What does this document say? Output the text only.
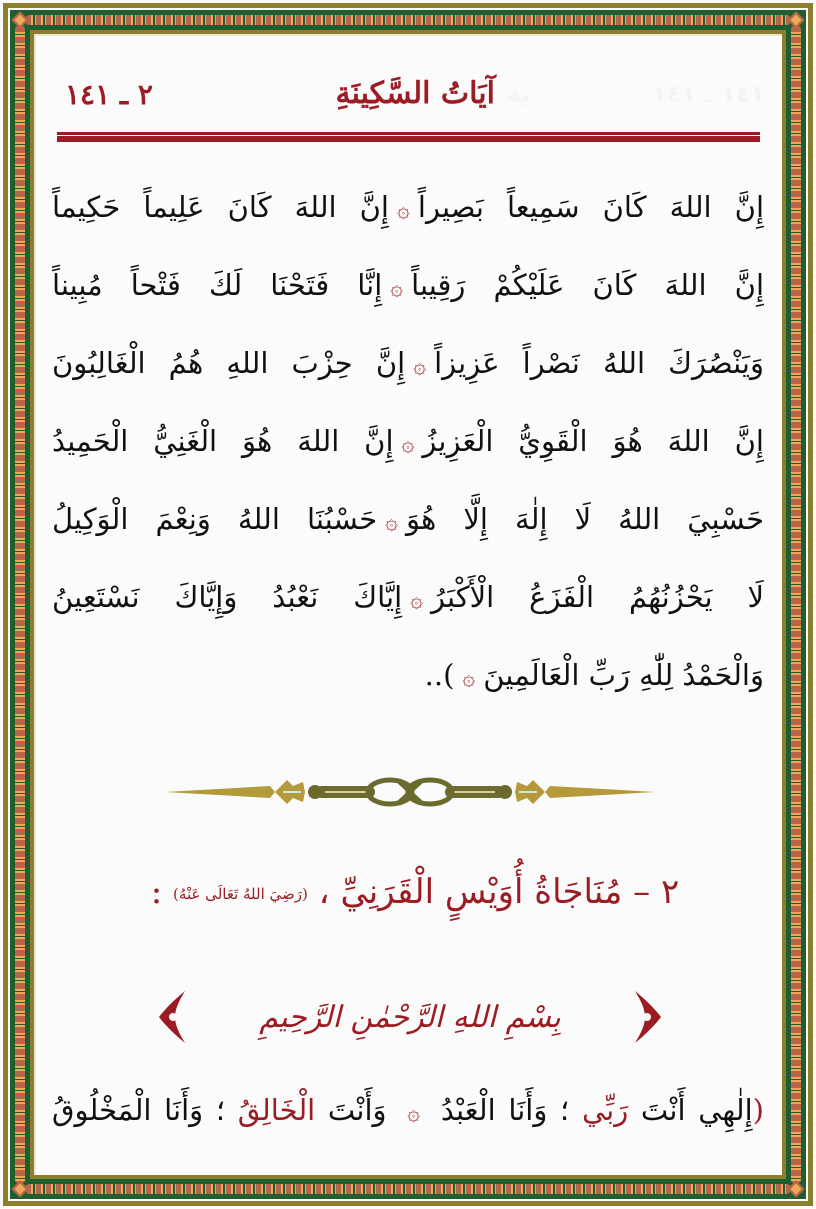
١٤١ ـ ١٤١
آيَاتُ السَّكِينَةِ ية
٢ ـ ١٤١
إِنَّ اللهَ كَانَ سَمِيعاً بَصِيراً۞إِنَّ اللهَ كَانَ عَلِيماً حَكِيماً
إِنَّ اللهَ كَانَ عَلَيْكُمْ رَقِيباً۞إِنَّا فَتَحْنَا لَكَ فَتْحاً مُبِيناً
وَيَنْصُرَكَ اللهُ نَصْراً عَزِيزاً۞إِنَّ حِزْبَ اللهِ هُمُ الْغَالِبُونَ
إِنَّ اللهَ هُوَ الْقَوِيُّ الْعَزِيزُ۞إِنَّ اللهَ هُوَ الْغَنِيُّ الْحَمِيدُ
حَسْبِيَ اللهُ لَا إِلٰهَ إِلَّا هُوَ۞حَسْبُنَا اللهُ وَنِعْمَ الْوَكِيلُ
لَا يَحْزُنُهُمُ الْفَزَعُ الْأَكْبَرُ۞إِيَّاكَ نَعْبُدُ وَإِيَّاكَ نَسْتَعِينُ
وَالْحَمْدُ لِلّٰهِ رَبِّ الْعَالَمِينَ۞)..
٢ – مُنَاجَاةُ أُوَيْسٍ الْقَرَنِيِّ ، (رَضِيَ اللهُ تَعَالَى عَنْهُ) :
بِسْمِ اللهِ الرَّحْمٰنِ الرَّحِيمِ
(إِلٰهِي أَنْتَ رَبِّي ؛ وَأَنَا الْعَبْدُ ۞ وَأَنْتَ الْخَالِقُ ؛ وَأَنَا الْمَخْلُوقُ
